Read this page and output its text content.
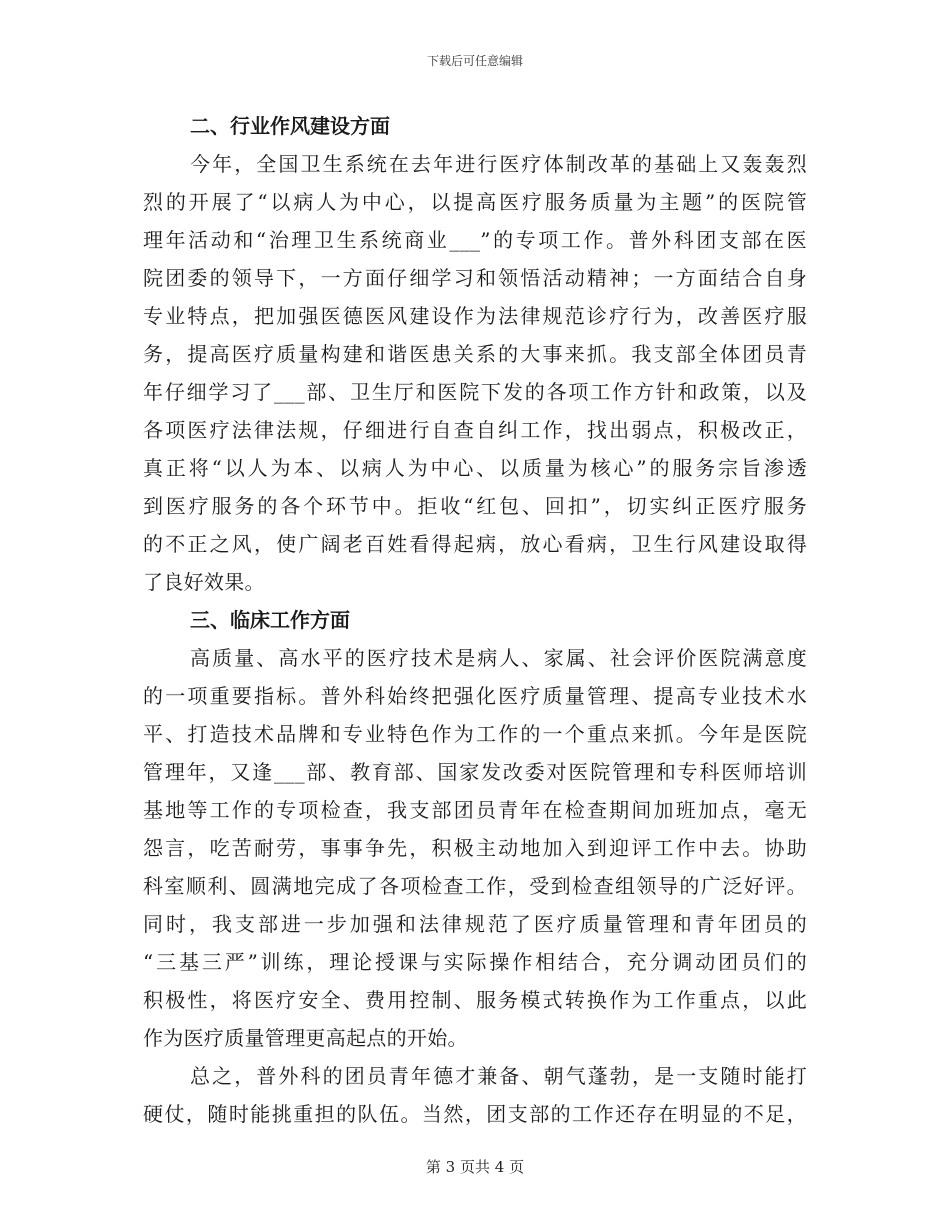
下载后可任意编辑
二、行业作风建设方面
今年，全国卫生系统在去年进行医疗体制改革的基础上又轰轰烈
烈的开展了“以病人为中心，以提高医疗服务质量为主题”的医院管
理年活动和“治理卫生系统商业___”的专项工作。普外科团支部在医
院团委的领导下，一方面仔细学习和领悟活动精神；一方面结合自身
专业特点，把加强医德医风建设作为法律规范诊疗行为，改善医疗服
务，提高医疗质量构建和谐医患关系的大事来抓。我支部全体团员青
年仔细学习了___部、卫生厅和医院下发的各项工作方针和政策，以及
各项医疗法律法规，仔细进行自查自纠工作，找出弱点，积极改正，
真正将“以人为本、以病人为中心、以质量为核心”的服务宗旨渗透
到医疗服务的各个环节中。拒收“红包、回扣”，切实纠正医疗服务
的不正之风，使广阔老百姓看得起病，放心看病，卫生行风建设取得
了良好效果。
三、临床工作方面
高质量、高水平的医疗技术是病人、家属、社会评价医院满意度
的一项重要指标。普外科始终把强化医疗质量管理、提高专业技术水
平、打造技术品牌和专业特色作为工作的一个重点来抓。今年是医院
管理年，又逢___部、教育部、国家发改委对医院管理和专科医师培训
基地等工作的专项检查，我支部团员青年在检查期间加班加点，毫无
怨言，吃苦耐劳，事事争先，积极主动地加入到迎评工作中去。协助
科室顺利、圆满地完成了各项检查工作，受到检查组领导的广泛好评。
同时，我支部进一步加强和法律规范了医疗质量管理和青年团员的
“三基三严”训练，理论授课与实际操作相结合，充分调动团员们的
积极性，将医疗安全、费用控制、服务模式转换作为工作重点，以此
作为医疗质量管理更高起点的开始。
总之，普外科的团员青年德才兼备、朝气蓬勃，是一支随时能打
硬仗，随时能挑重担的队伍。当然，团支部的工作还存在明显的不足，
第 3 页共 4 页
